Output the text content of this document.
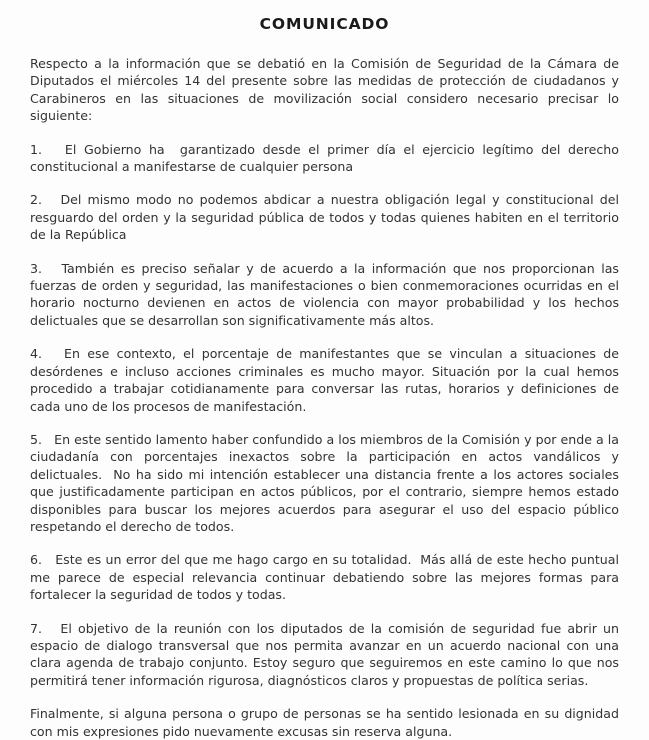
COMUNICADO

Respecto a la información que se debatió en la Comisión de Seguridad de la Cámara de Diputados el miércoles 14 del presente sobre las medidas de protección de ciudadanos y Carabineros en las situaciones de movilización social considero necesario precisar lo siguiente:

1. El Gobierno ha  garantizado desde el primer día el ejercicio legítimo del derecho constitucional a manifestarse de cualquier persona

2. Del mismo modo no podemos abdicar a nuestra obligación legal y constitucional del resguardo del orden y la seguridad pública de todos y todas quienes habiten en el territorio de la República

3. También es preciso señalar y de acuerdo a la información que nos proporcionan las fuerzas de orden y seguridad, las manifestaciones o bien conmemoraciones ocurridas en el horario nocturno devienen en actos de violencia con mayor probabilidad y los hechos delictuales que se desarrollan son significativamente más altos.

4. En ese contexto, el porcentaje de manifestantes que se vinculan a situaciones de desórdenes e incluso acciones criminales es mucho mayor. Situación por la cual hemos procedido a trabajar cotidianamente para conversar las rutas, horarios y definiciones de cada uno de los procesos de manifestación.

5. En este sentido lamento haber confundido a los miembros de la Comisión y por ende a la ciudadanía con porcentajes inexactos sobre la participación en actos vandálicos y delictuales.  No ha sido mi intención establecer una distancia frente a los actores sociales que justificadamente participan en actos públicos, por el contrario, siempre hemos estado disponibles para buscar los mejores acuerdos para asegurar el uso del espacio público respetando el derecho de todos.

6. Este es un error del que me hago cargo en su totalidad.  Más allá de este hecho puntual me parece de especial relevancia continuar debatiendo sobre las mejores formas para fortalecer la seguridad de todos y todas.

7. El objetivo de la reunión con los diputados de la comisión de seguridad fue abrir un espacio de dialogo transversal que nos permita avanzar en un acuerdo nacional con una clara agenda de trabajo conjunto. Estoy seguro que seguiremos en este camino lo que nos permitirá tener información rigurosa, diagnósticos claros y propuestas de política serias.

Finalmente, si alguna persona o grupo de personas se ha sentido lesionada en su dignidad con mis expresiones pido nuevamente excusas sin reserva alguna.
